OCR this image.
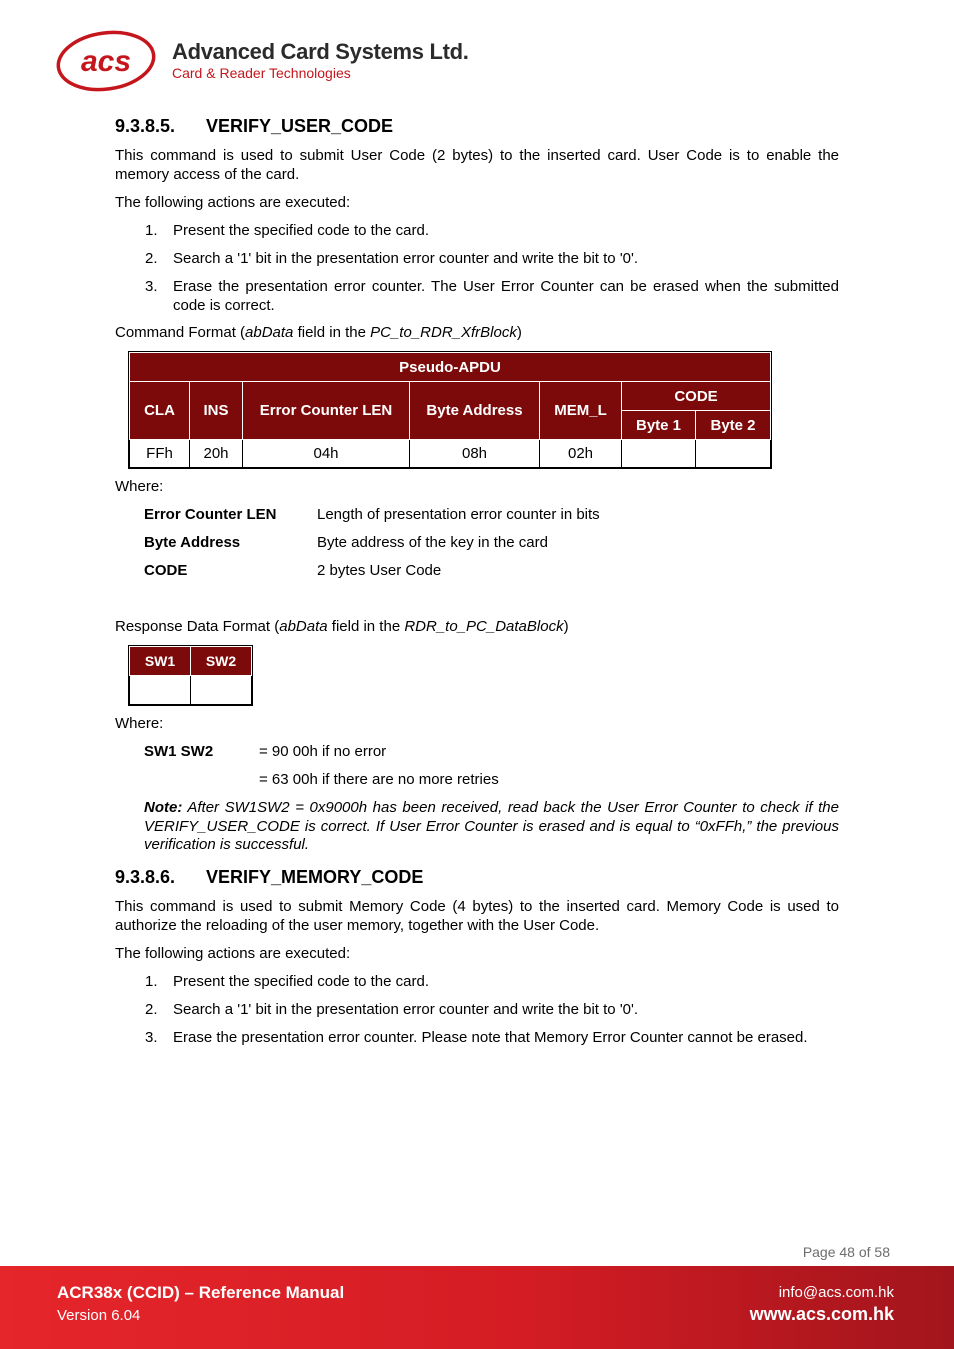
acs Advanced Card Systems Ltd.
Card & Reader Technologies
9.3.8.5. VERIFY_USER_CODE
This command is used to submit User Code (2 bytes) to the inserted card. User Code is to enable the memory access of the card.
The following actions are executed:
1. Present the specified code to the card.
2. Search a '1' bit in the presentation error counter and write the bit to '0'.
3. Erase the presentation error counter. The User Error Counter can be erased when the submitted code is correct.
Command Format (abData field in the PC_to_RDR_XfrBlock)
Pseudo-APDU						
CLA	INS	Error Counter LEN	Byte Address	MEM_L	CODE	
					Byte 1	Byte 2
FFh	20h	04h	08h	02h		
Where:
Error Counter LEN	Length of presentation error counter in bits
Byte Address	Byte address of the key in the card
CODE	2 bytes User Code
Response Data Format (abData field in the RDR_to_PC_DataBlock)
SW1	SW2

Where:
SW1 SW2	= 90 00h if no error
= 63 00h if there are no more retries
Note: After SW1SW2 = 0x9000h has been received, read back the User Error Counter to check if the VERIFY_USER_CODE is correct. If User Error Counter is erased and is equal to “0xFFh,” the previous verification is successful.
9.3.8.6. VERIFY_MEMORY_CODE
This command is used to submit Memory Code (4 bytes) to the inserted card. Memory Code is used to authorize the reloading of the user memory, together with the User Code.
The following actions are executed:
1. Present the specified code to the card.
2. Search a '1' bit in the presentation error counter and write the bit to '0'.
3. Erase the presentation error counter. Please note that Memory Error Counter cannot be erased.
Page 48 of 58
ACR38x (CCID) – Reference Manual
Version 6.04
info@acs.com.hk
www.acs.com.hk
